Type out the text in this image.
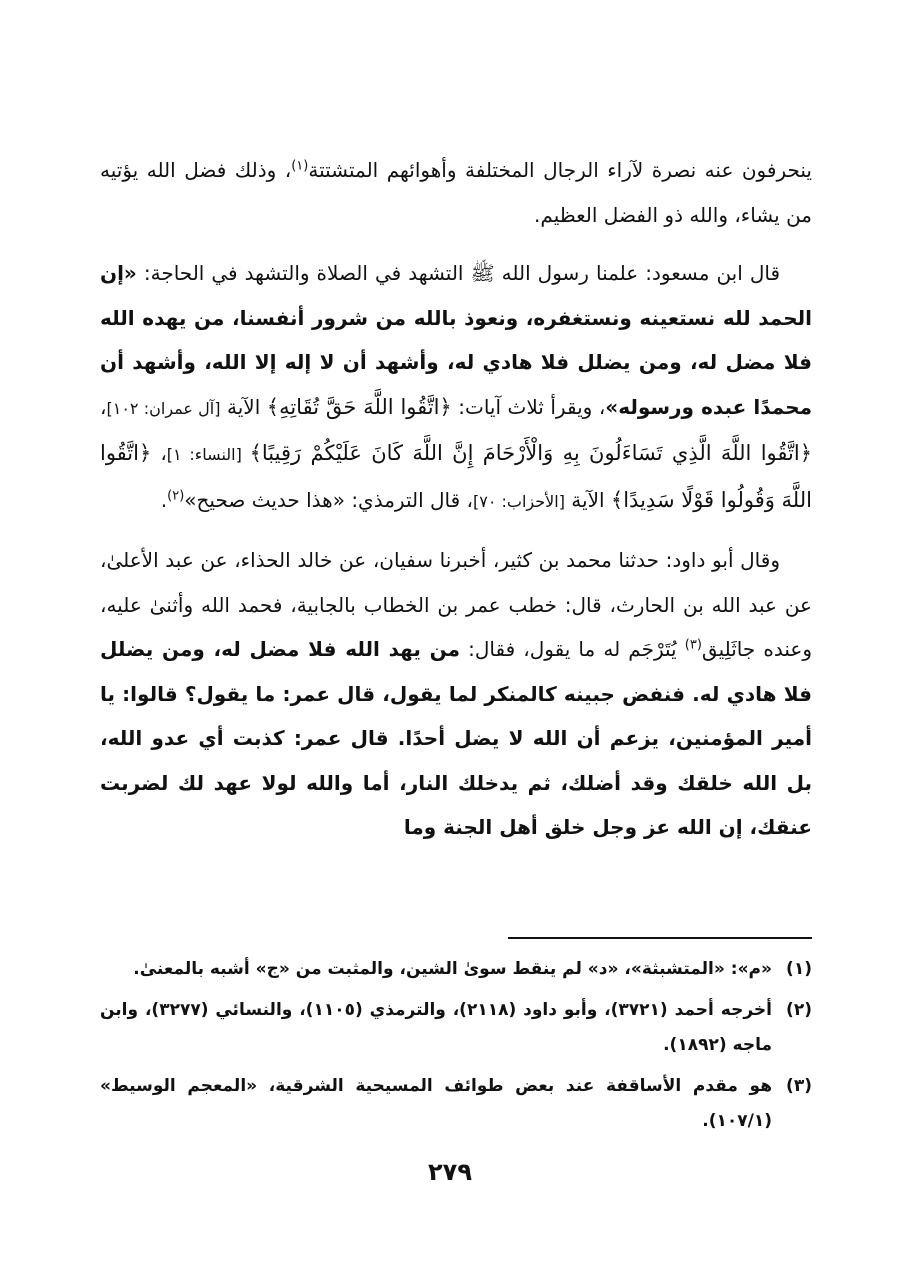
ينحرفون عنه نصرة لآراء الرجال المختلفة وأهوائهم المتشتتة$^{(١)}$، وذلك فضل الله يؤتيه من يشاء، والله ذو الفضل العظيم.

قال ابن مسعود: علمنا رسول الله ﷺ التشهد في الصلاة والتشهد في الحاجة: «إن الحمد لله نستعينه ونستغفره، ونعوذ بالله من شرور أنفسنا، من يهده الله فلا مضل له، ومن يضلل فلا هادي له، وأشهد أن لا إله إلا الله، وأشهد أن محمدًا عبده ورسوله»، ويقرأ ثلاث آيات: ﴿اتَّقُوا اللَّهَ حَقَّ تُقَاتِهِ﴾ الآية [آل عمران: ١٠٢]، ﴿اتَّقُوا اللَّهَ الَّذِي تَسَاءَلُونَ بِهِ وَالْأَرْحَامَ إِنَّ اللَّهَ كَانَ عَلَيْكُمْ رَقِيبًا﴾ [النساء: ١]، ﴿اتَّقُوا اللَّهَ وَقُولُوا قَوْلًا سَدِيدًا﴾ الآية [الأحزاب: ٧٠]، قال الترمذي: «هذا حديث صحيح»$^{(٢)}$.

وقال أبو داود: حدثنا محمد بن كثير، أخبرنا سفيان، عن خالد الحذاء، عن عبد الأعلىٰ، عن عبد الله بن الحارث، قال: خطب عمر بن الخطاب بالجابية، فحمد الله وأثنىٰ عليه، وعنده جاثَلِيق$^{(٣)}$ يُتَرْجَم له ما يقول، فقال: من يهد الله فلا مضل له، ومن يضلل فلا هادي له. فنفض جبينه كالمنكر لما يقول، قال عمر: ما يقول؟ قالوا: يا أمير المؤمنين، يزعم أن الله لا يضل أحدًا. قال عمر: كذبت أي عدو الله، بل الله خلقك وقد أضلك، ثم يدخلك النار، أما والله لولا عهد لك لضربت عنقك، إن الله عز وجل خلق أهل الجنة وما

(١)
«م»: «المتشبثة»، «د» لم ينقط سوىٰ الشين، والمثبت من «ج» أشبه بالمعنىٰ.
(٢)
أخرجه أحمد (٣٧٢١)، وأبو داود (٢١١٨)، والترمذي (١١٠٥)، والنسائي (٣٢٧٧)، وابن ماجه (١٨٩٢).
(٣)
هو مقدم الأساقفة عند بعض طوائف المسيحية الشرقية، «المعجم الوسيط» (١٠٧/١).
٢٧٩
